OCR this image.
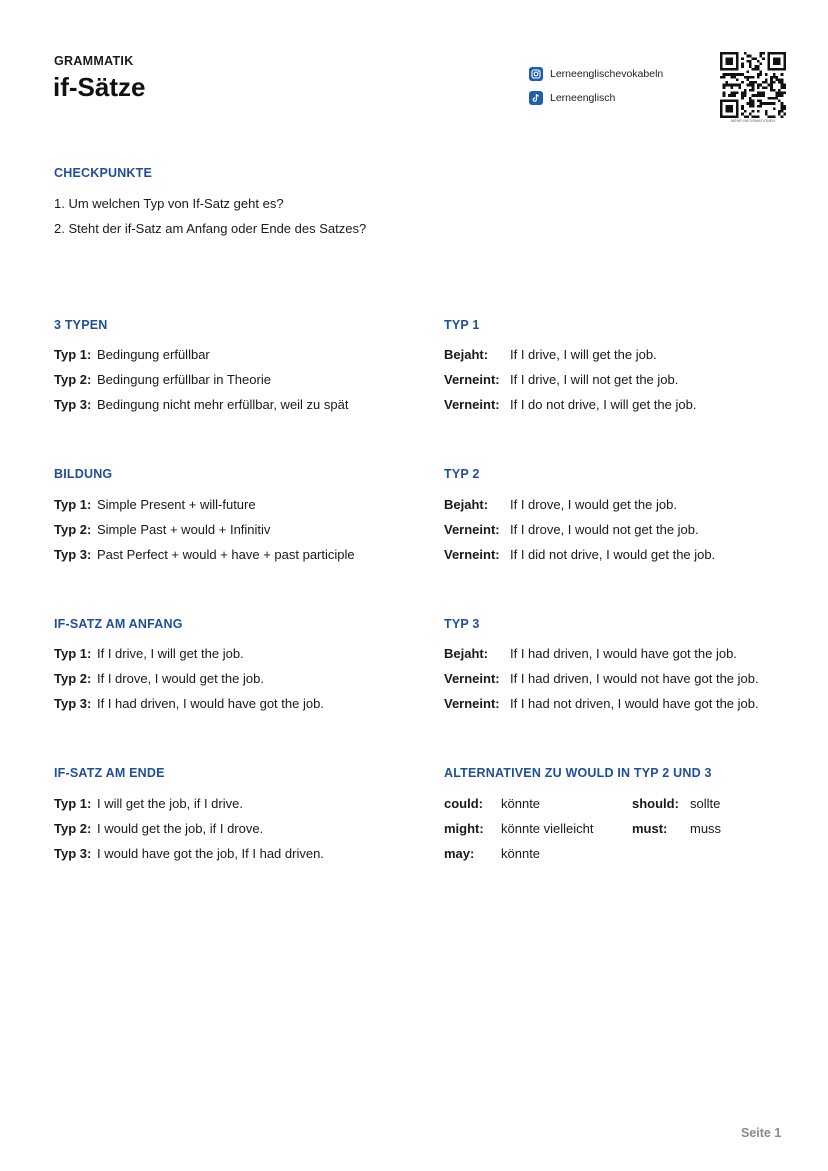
GRAMMATIK
if-Sätze	Lerneenglischevokabeln
Lerneenglisch
MEHR INFORMATIONEN
CHECKPUNKTE
1. Um welchen Typ von If-Satz geht es?
2. Steht der if-Satz am Anfang oder Ende des Satzes?
3 TYPEN
Typ 1: Bedingung erfüllbar
Typ 2: Bedingung erfüllbar in Theorie
Typ 3: Bedingung nicht mehr erfüllbar, weil zu spät
BILDUNG
Typ 1: Simple Present + will-future
Typ 2: Simple Past + would + Infinitiv
Typ 3: Past Perfect + would + have + past participle
IF-SATZ AM ANFANG
Typ 1: If I drive, I will get the job.
Typ 2: If I drove, I would get the job.
Typ 3: If I had driven, I would have got the job.
IF-SATZ AM ENDE
Typ 1: I will get the job, if I drive.
Typ 2: I would get the job, if I drove.
Typ 3: I would have got the job, If I had driven.
TYP 1
Bejaht: If I drive, I will get the job.
Verneint: If I drive, I will not get the job.
Verneint: If I do not drive, I will get the job.
TYP 2
Bejaht: If I drove, I would get the job.
Verneint: If I drove, I would not get the job.
Verneint: If I did not drive, I would get the job.
TYP 3
Bejaht: If I had driven, I would have got the job.
Verneint: If I had driven, I would not have got the job.
Verneint: If I had not driven, I would have got the job.
ALTERNATIVEN ZU WOULD IN TYP 2 UND 3
could: könnte	should: sollte
might: könnte vielleicht	must: muss
may: könnte
Seite 1
